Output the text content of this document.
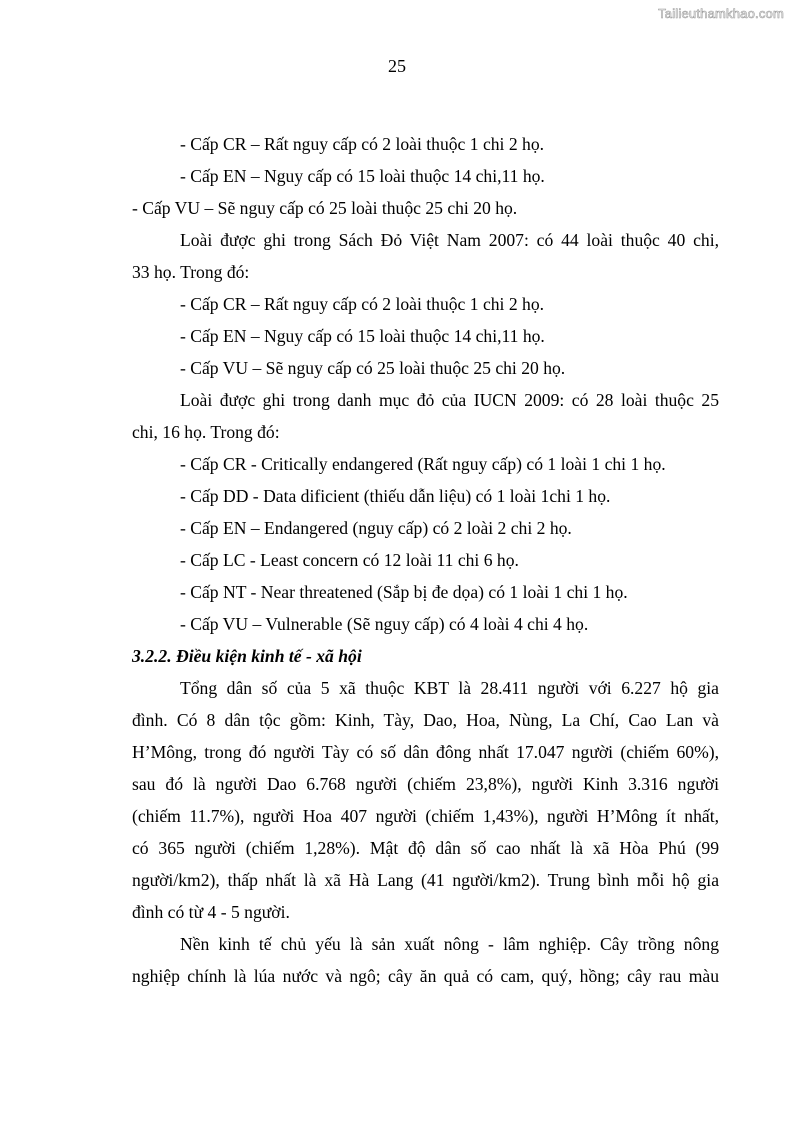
Tailieuthamkhao.com
25
- Cấp CR – Rất nguy cấp có 2 loài thuộc 1 chi 2 họ.
- Cấp EN – Nguy cấp có 15 loài thuộc 14 chi,11 họ.
- Cấp VU – Sẽ nguy cấp có 25 loài thuộc 25 chi 20 họ.
Loài được ghi trong Sách Đỏ Việt Nam 2007: có 44 loài thuộc 40 chi,
33 họ. Trong đó:
- Cấp CR – Rất nguy cấp có 2 loài thuộc 1 chi 2 họ.
- Cấp EN – Nguy cấp có 15 loài thuộc 14 chi,11 họ.
- Cấp VU – Sẽ nguy cấp có 25 loài thuộc 25 chi 20 họ.
Loài được ghi trong danh mục đỏ của IUCN 2009: có 28 loài thuộc 25
chi, 16 họ. Trong đó:
- Cấp CR - Critically endangered (Rất nguy cấp) có 1 loài 1 chi 1 họ.
- Cấp DD - Data dificient (thiếu dẫn liệu) có 1 loài 1chi 1 họ.
- Cấp EN – Endangered (nguy cấp) có 2 loài 2 chi 2 họ.
- Cấp LC - Least concern có 12 loài 11 chi 6 họ.
- Cấp NT - Near threatened (Sắp bị đe dọa) có 1 loài 1 chi 1 họ.
- Cấp VU – Vulnerable (Sẽ nguy cấp) có 4 loài 4 chi 4 họ.
3.2.2. Điều kiện kinh tế - xã hội
Tổng dân số của 5 xã thuộc KBT là 28.411 người với 6.227 hộ gia
đình. Có 8 dân tộc gồm: Kinh, Tày, Dao, Hoa, Nùng, La Chí, Cao Lan và
H’Mông, trong đó người Tày có số dân đông nhất 17.047 người (chiếm 60%),
sau đó là người Dao 6.768 người (chiếm 23,8%), người Kinh 3.316 người
(chiếm 11.7%), người Hoa 407 người (chiếm 1,43%), người H’Mông ít nhất,
có 365 người (chiếm 1,28%). Mật độ dân số cao nhất là xã Hòa Phú (99
người/km2), thấp nhất là xã Hà Lang (41 người/km2). Trung bình mỗi hộ gia
đình có từ 4 - 5 người.
Nền kinh tế chủ yếu là sản xuất nông - lâm nghiệp. Cây trồng nông
nghiệp chính là lúa nước và ngô; cây ăn quả có cam, quý, hồng; cây rau màu
